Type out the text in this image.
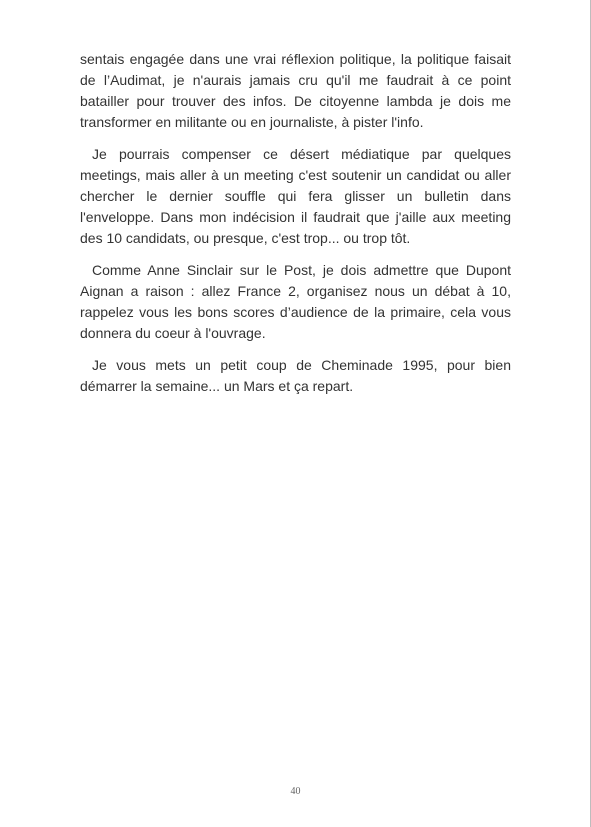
sentais engagée dans une vrai réflexion politique, la politique faisait de l’Audimat, je n'aurais jamais cru qu'il me faudrait à ce point batailler pour trouver des infos. De citoyenne lambda je dois me transformer en militante ou en journaliste, à pister l'info.

Je pourrais compenser ce désert médiatique par quelques meetings, mais aller à un meeting c'est soutenir un candidat ou aller chercher le dernier souffle qui fera glisser un bulletin dans l'enveloppe. Dans mon indécision il faudrait que j'aille aux meeting des 10 candidats, ou presque, c'est trop... ou trop tôt.

Comme Anne Sinclair sur le Post, je dois admettre que Dupont Aignan a raison : allez France 2, organisez nous un débat à 10, rappelez vous les bons scores d’audience de la primaire, cela vous donnera du coeur à l'ouvrage.

Je vous mets un petit coup de Cheminade 1995, pour bien démarrer la semaine... un Mars et ça repart.

40
